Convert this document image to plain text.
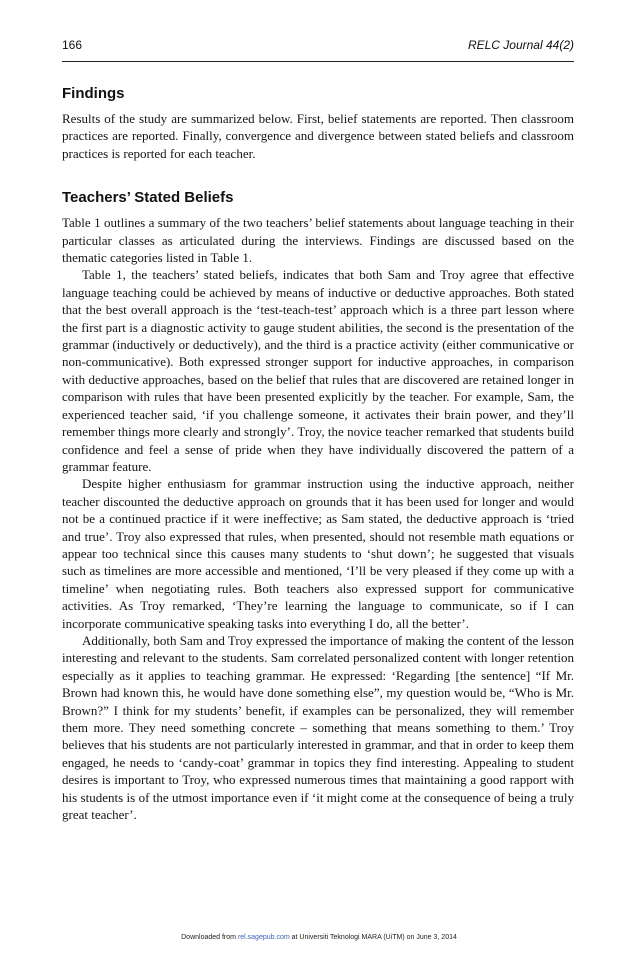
166	RELC Journal 44(2)
Findings

Results of the study are summarized below. First, belief statements are reported. Then classroom practices are reported. Finally, convergence and divergence between stated beliefs and classroom practices is reported for each teacher.

Teachers’ Stated Beliefs

Table 1 outlines a summary of the two teachers’ belief statements about language teaching in their particular classes as articulated during the interviews. Findings are discussed based on the thematic categories listed in Table 1.

Table 1, the teachers’ stated beliefs, indicates that both Sam and Troy agree that effective language teaching could be achieved by means of inductive or deductive approaches. Both stated that the best overall approach is the ‘test-teach-test’ approach which is a three part lesson where the first part is a diagnostic activity to gauge student abilities, the second is the presentation of the grammar (inductively or deductively), and the third is a practice activity (either communicative or non-communicative). Both expressed stronger support for inductive approaches, in comparison with deductive approaches, based on the belief that rules that are discovered are retained longer in comparison with rules that have been presented explicitly by the teacher. For example, Sam, the experienced teacher said, ‘if you challenge someone, it activates their brain power, and they’ll remember things more clearly and strongly’. Troy, the novice teacher remarked that students build confidence and feel a sense of pride when they have individually discovered the pattern of a grammar feature.

Despite higher enthusiasm for grammar instruction using the inductive approach, neither teacher discounted the deductive approach on grounds that it has been used for longer and would not be a continued practice if it were ineffective; as Sam stated, the deductive approach is ‘tried and true’. Troy also expressed that rules, when presented, should not resemble math equations or appear too technical since this causes many students to ‘shut down’; he suggested that visuals such as timelines are more accessible and mentioned, ‘I’ll be very pleased if they come up with a timeline’ when negotiating rules. Both teachers also expressed support for communicative activities. As Troy remarked, ‘They’re learning the language to communicate, so if I can incorporate communicative speaking tasks into everything I do, all the better’.

Additionally, both Sam and Troy expressed the importance of making the content of the lesson interesting and relevant to the students. Sam correlated personalized content with longer retention especially as it applies to teaching grammar. He expressed: ‘Regarding [the sentence] “If Mr. Brown had known this, he would have done something else”, my question would be, “Who is Mr. Brown?” I think for my students’ benefit, if examples can be personalized, they will remember them more. They need something concrete – something that means something to them.’ Troy believes that his students are not particularly interested in grammar, and that in order to keep them engaged, he needs to ‘candy-coat’ grammar in topics they find interesting. Appealing to student desires is important to Troy, who expressed numerous times that maintaining a good rapport with his students is of the utmost importance even if ‘it might come at the consequence of being a truly great teacher’.

Downloaded from rel.sagepub.com at Universiti Teknologi MARA (UiTM) on June 3, 2014
